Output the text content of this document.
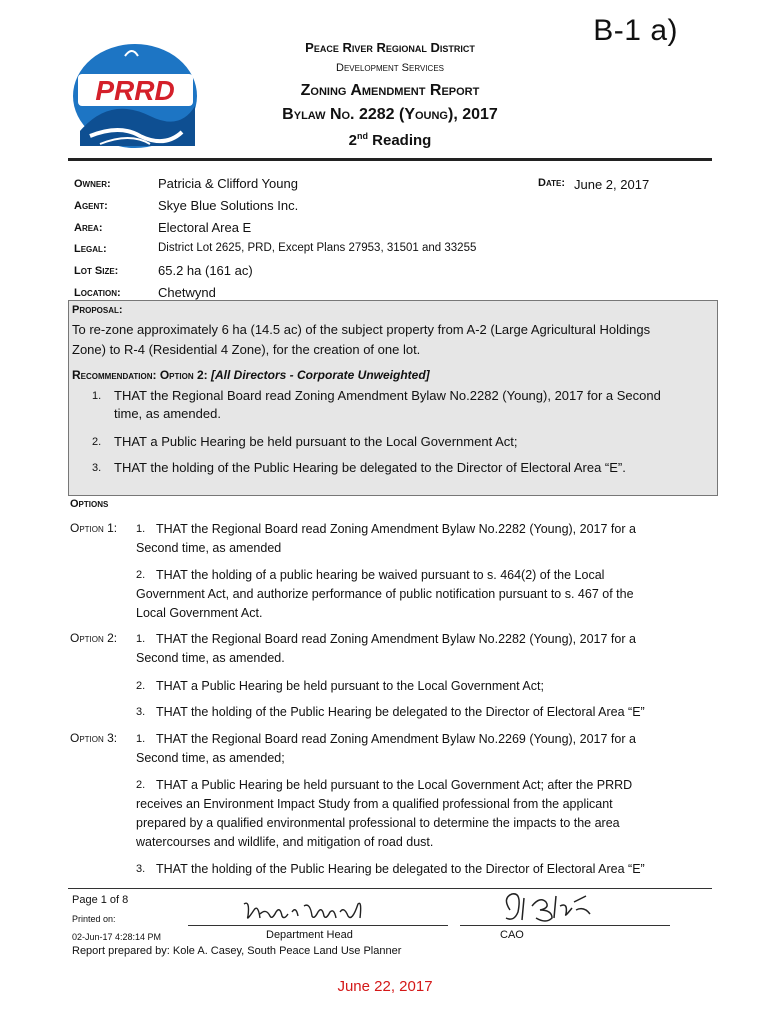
B-1 a)
PRRD
Peace River Regional District
Development Services
Zoning Amendment Report
Bylaw No. 2282 (Young), 2017
2nd Reading
Owner:	Patricia & Clifford Young
Agent:	Skye Blue Solutions Inc.
Area:	Electoral Area E
Legal:	District Lot 2625, PRD, Except Plans 27953, 31501 and 33255
Lot Size:	65.2 ha (161 ac)
Location:	Chetwynd
Date: June 2, 2017
Proposal:
To re-zone approximately 6 ha (14.5 ac) of the subject property from A-2 (Large Agricultural Holdings
Zone) to R-4 (Residential 4 Zone), for the creation of one lot.
Recommendation: Option 2: [All Directors - Corporate Unweighted]
1. THAT the Regional Board read Zoning Amendment Bylaw No.2282 (Young), 2017 for a Second
time, as amended.
2. THAT a Public Hearing be held pursuant to the Local Government Act;
3. THAT the holding of the Public Hearing be delegated to the Director of Electoral Area “E”.
Options
Option 1: 1. THAT the Regional Board read Zoning Amendment Bylaw No.2282 (Young), 2017 for a
Second time, as amended
2. THAT the holding of a public hearing be waived pursuant to s. 464(2) of the Local
Government Act, and authorize performance of public notification pursuant to s. 467 of the
Local Government Act.
Option 2: 1. THAT the Regional Board read Zoning Amendment Bylaw No.2282 (Young), 2017 for a
Second time, as amended.
2. THAT a Public Hearing be held pursuant to the Local Government Act;
3. THAT the holding of the Public Hearing be delegated to the Director of Electoral Area “E”
Option 3: 1. THAT the Regional Board read Zoning Amendment Bylaw No.2269 (Young), 2017 for a
Second time, as amended;
2. THAT a Public Hearing be held pursuant to the Local Government Act; after the PRRD
receives an Environment Impact Study from a qualified professional from the applicant
prepared by a qualified environmental professional to determine the impacts to the area
watercourses and wildlife, and mitigation of road dust.
3. THAT the holding of the Public Hearing be delegated to the Director of Electoral Area “E”
Page 1 of 8
Printed on:
02-Jun-17 4:28:14 PM	Department Head	CAO
Report prepared by: Kole A. Casey, South Peace Land Use Planner
June 22, 2017
